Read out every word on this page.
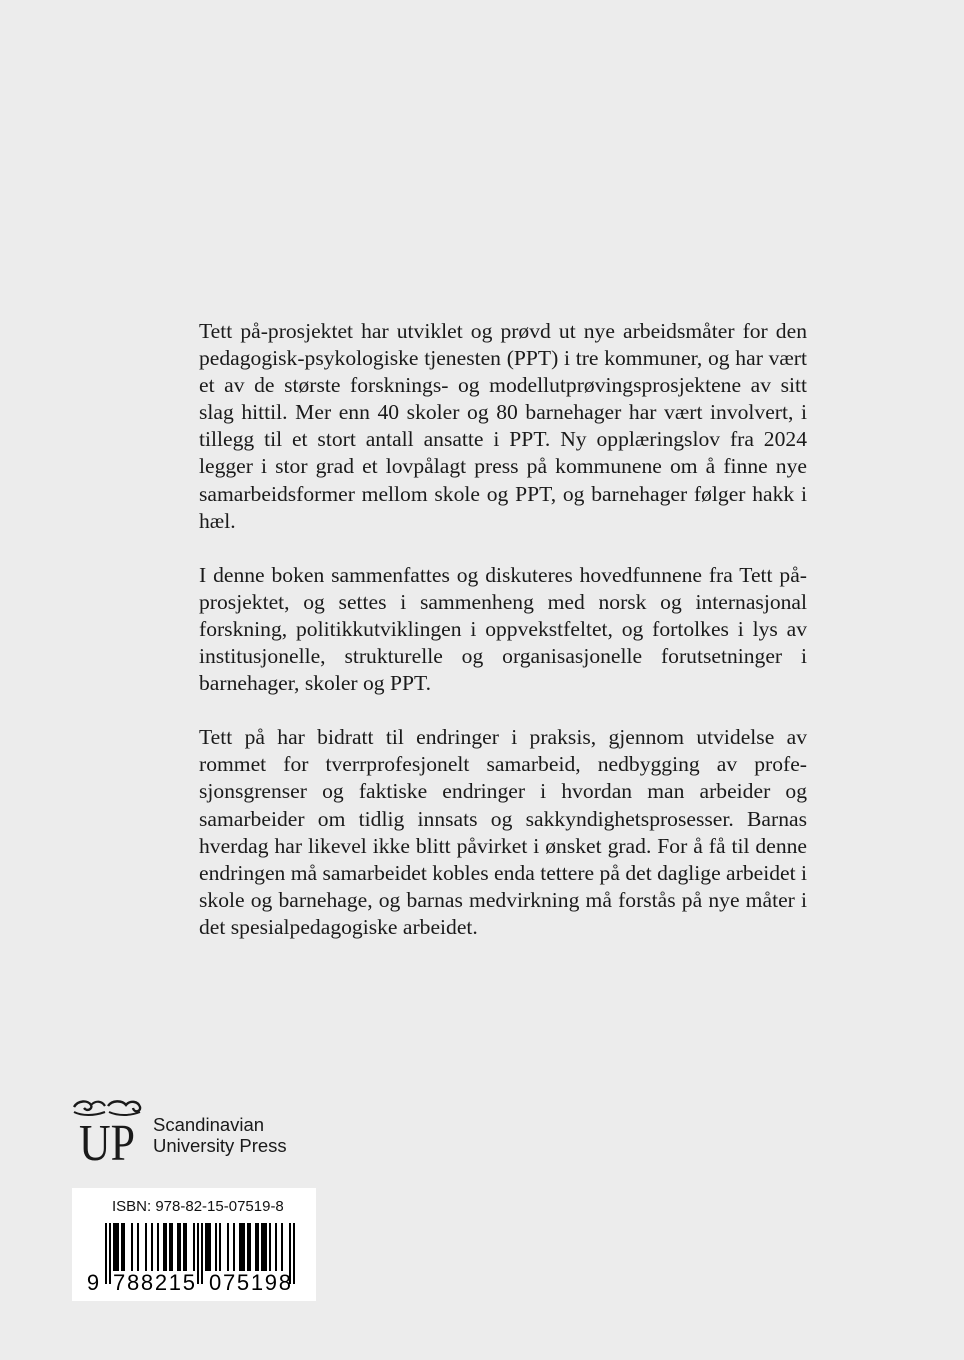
Tett på-prosjektet har utviklet og prøvd ut nye arbeidsmåter for den pedagogisk-psykologiske tjenesten (PPT) i tre kommuner, og har vært et av de største forsknings- og modellutprøvingsprosjektene av sitt slag hittil. Mer enn 40 skoler og 80 barnehager har vært involvert, i tillegg til et stort antall ansatte i PPT. Ny opplæringslov fra 2024 legger i stor grad et lovpålagt press på kommunene om å finne nye samarbeidsformer mellom skole og PPT, og barnehager følger hakk i hæl.

I denne boken sammenfattes og diskuteres hovedfunnene fra Tett på-prosjektet, og settes i sammenheng med norsk og internasjonal forskning, politikkutviklingen i oppvekstfeltet, og fortolkes i lys av institusjonelle, strukturelle og organisasjonelle forutsetninger i barnehager, skoler og PPT.

Tett på har bidratt til endringer i praksis, gjennom utvidelse av rommet for tverrprofesjonelt samarbeid, nedbygging av profesjonsgrenser og faktiske endringer i hvordan man arbeider og samarbeider om tidlig innsats og sakkyndighetsprosesser. Barnas hverdag har likevel ikke blitt påvirket i ønsket grad. For å få til denne endringen må samarbeidet kobles enda tettere på det daglige arbeidet i skole og barnehage, og barnas medvirkning må forstås på nye måter i det spesialpedagogiske arbeidet.

UP Scandinavian
University Press
ISBN: 978-82-15-07519-8
9 788215 075198
